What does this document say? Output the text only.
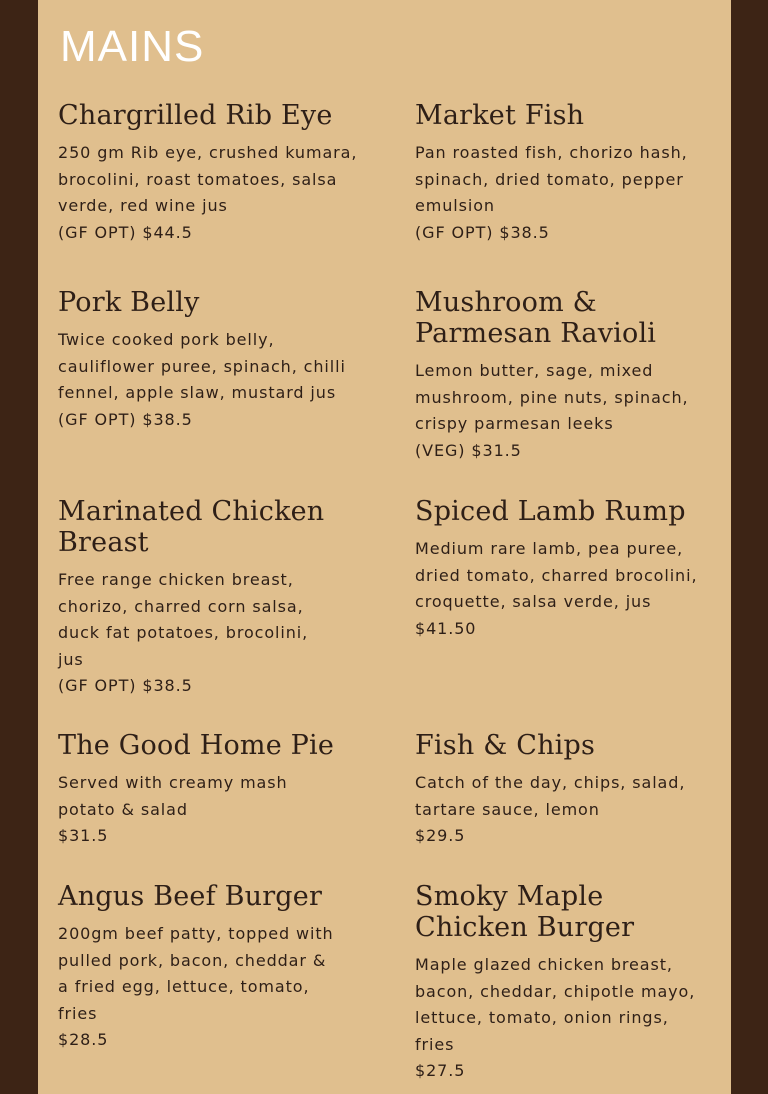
MAINS
Chargrilled Rib Eye
250 gm Rib eye, crushed kumara,
brocolini, roast tomatoes, salsa
verde, red wine jus
(GF OPT) $44.5
Market Fish
Pan roasted fish, chorizo hash,
spinach, dried tomato, pepper
emulsion
(GF OPT) $38.5
Pork Belly
Twice cooked pork belly,
cauliflower puree, spinach, chilli
fennel, apple slaw, mustard jus
(GF OPT) $38.5
Mushroom &
Parmesan Ravioli
Lemon butter, sage, mixed
mushroom, pine nuts, spinach,
crispy parmesan leeks
(VEG) $31.5
Marinated Chicken
Breast
Free range chicken breast,
chorizo, charred corn salsa,
duck fat potatoes, brocolini,
jus
(GF OPT) $38.5
Spiced Lamb Rump
Medium rare lamb, pea puree,
dried tomato, charred brocolini,
croquette, salsa verde, jus
$41.50
The Good Home Pie
Served with creamy mash
potato & salad
$31.5
Fish & Chips
Catch of the day, chips, salad,
tartare sauce, lemon
$29.5
Angus Beef Burger
200gm beef patty, topped with
pulled pork, bacon, cheddar &
a fried egg, lettuce, tomato,
fries
$28.5
Smoky Maple
Chicken Burger
Maple glazed chicken breast,
bacon, cheddar, chipotle mayo,
lettuce, tomato, onion rings,
fries
$27.5
